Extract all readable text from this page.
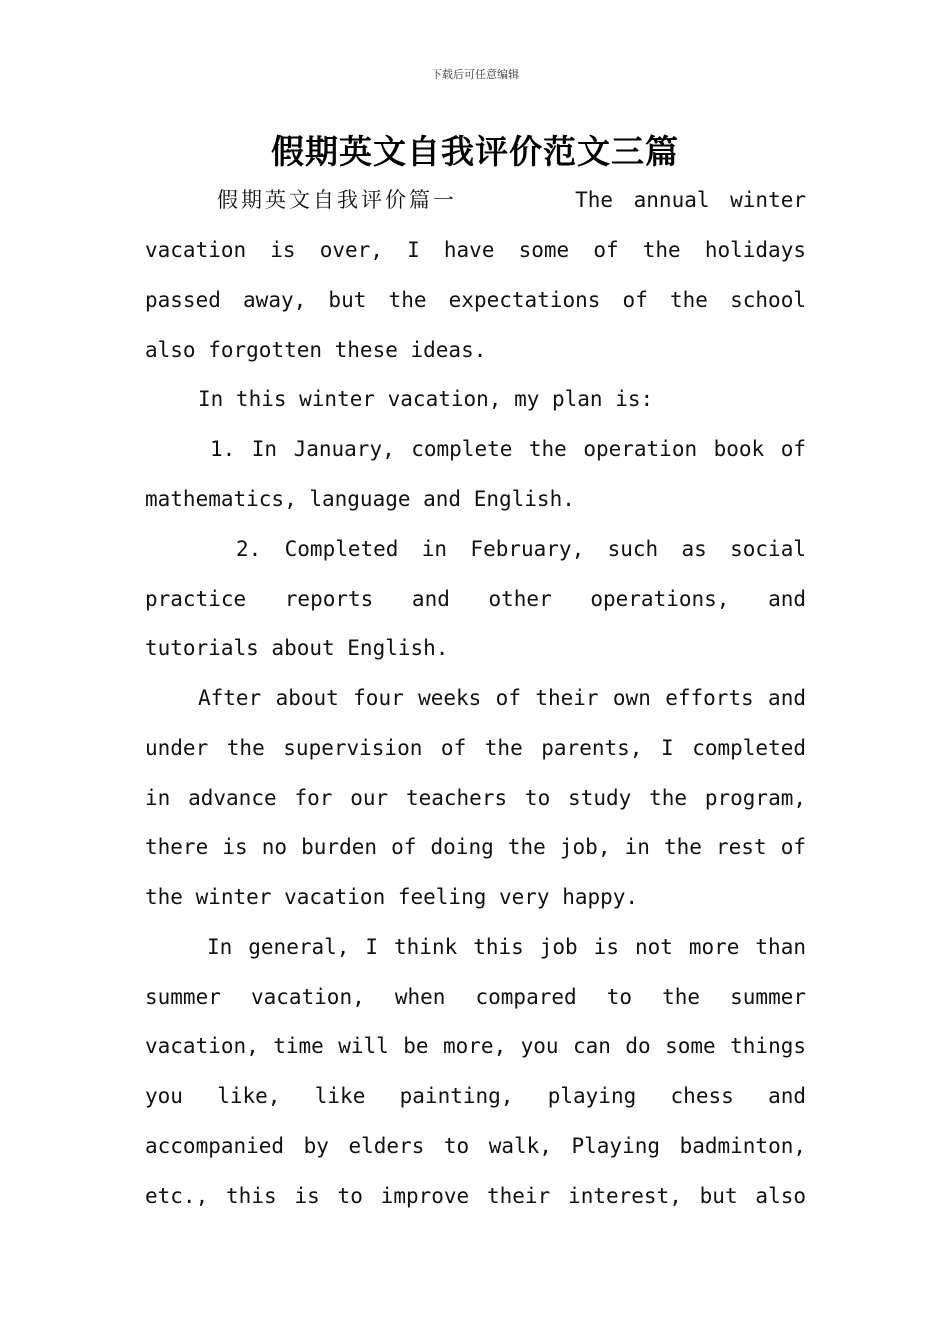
下载后可任意编辑
假期英文自我评价范文三篇
假期英文自我评价篇一	The annual winter
vacation is over, I have some of the holidays
passed away, but the expectations of the school
also forgotten these ideas.
In this winter vacation, my plan is:
1. In January, complete the operation book of
mathematics, language and English.
2. Completed in February, such as social
practice reports and other operations, and
tutorials about English.
After about four weeks of their own efforts and
under the supervision of the parents, I completed
in advance for our teachers to study the program,
there is no burden of doing the job, in the rest of
the winter vacation feeling very happy.
In general, I think this job is not more than
summer vacation, when compared to the summer
vacation, time will be more, you can do some things
you like, like painting, playing chess and
accompanied by elders to walk, Playing badminton,
etc., this is to improve their interest, but also
